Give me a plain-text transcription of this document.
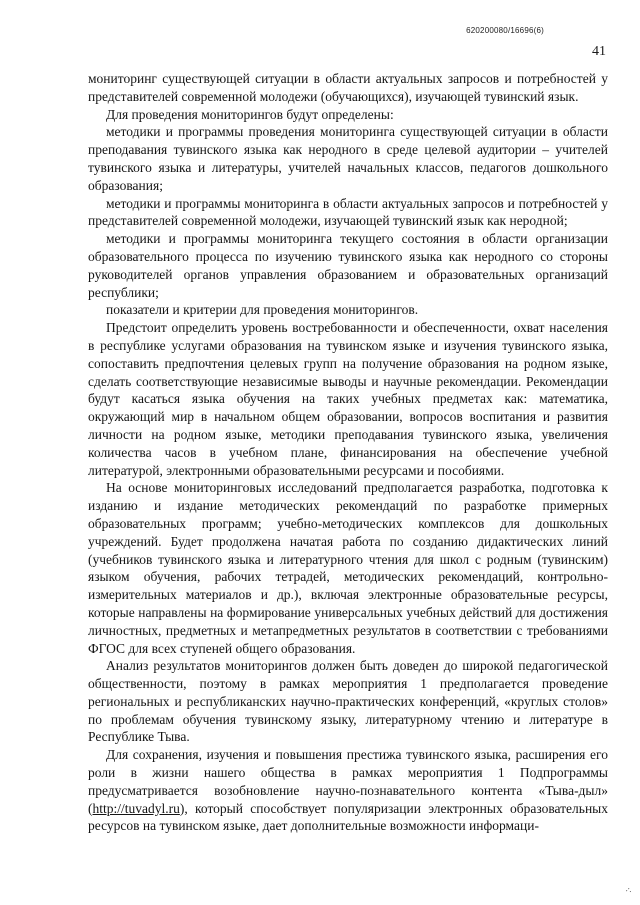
620200080/16696(6)
41

мониторинг существующей ситуации в области актуальных запросов и потребностей у представителей современной молодежи (обучающихся), изучающей тувинский язык.

Для проведения мониторингов будут определены:

методики и программы проведения мониторинга существующей ситуации в области преподавания тувинского языка как неродного в среде целевой аудитории – учителей тувинского языка и литературы, учителей начальных классов, педагогов дошкольного образования;

методики и программы мониторинга в области актуальных запросов и потребностей у представителей современной молодежи, изучающей тувинский язык как неродной;

методики и программы мониторинга текущего состояния в области организации образовательного процесса по изучению тувинского языка как неродного со стороны руководителей органов управления образованием и образовательных организаций республики;

показатели и критерии для проведения мониторингов.

Предстоит определить уровень востребованности и обеспеченности, охват населения в республике услугами образования на тувинском языке и изучения тувинского языка, сопоставить предпочтения целевых групп на получение образования на родном языке, сделать соответствующие независимые выводы и научные рекомендации. Рекомендации будут касаться языка обучения на таких учебных предметах как: математика, окружающий мир в начальном общем образовании, вопросов воспитания и развития личности на родном языке, методики преподавания тувинского языка, увеличения количества часов в учебном плане, финансирования на обеспечение учебной литературой, электронными образовательными ресурсами и пособиями.

На основе мониторинговых исследований предполагается разработка, подготовка к изданию и издание методических рекомендаций по разработке примерных образовательных программ; учебно-методических комплексов для дошкольных учреждений. Будет продолжена начатая работа по созданию дидактических линий (учебников тувинского языка и литературного чтения для школ с родным (тувинским) языком обучения, рабочих тетрадей, методических рекомендаций, контрольно-измерительных материалов и др.), включая электронные образовательные ресурсы, которые направлены на формирование универсальных учебных действий для достижения личностных, предметных и метапредметных результатов в соответствии с требованиями ФГОС для всех ступеней общего образования.

Анализ результатов мониторингов должен быть доведен до широкой педагогической общественности, поэтому в рамках мероприятия 1 предполагается проведение региональных и республиканских научно-практических конференций, «круглых столов» по проблемам обучения тувинскому языку, литературному чтению и литературе в Республике Тыва.

Для сохранения, изучения и повышения престижа тувинского языка, расширения его роли в жизни нашего общества в рамках мероприятия 1 Подпрограммы предусматривается возобновление научно-познавательного контента «Тыва-дыл» (http://tuvadyl.ru), который способствует популяризации электронных образовательных ресурсов на тувинском языке, дает дополнительные возможности информаци-

·:
